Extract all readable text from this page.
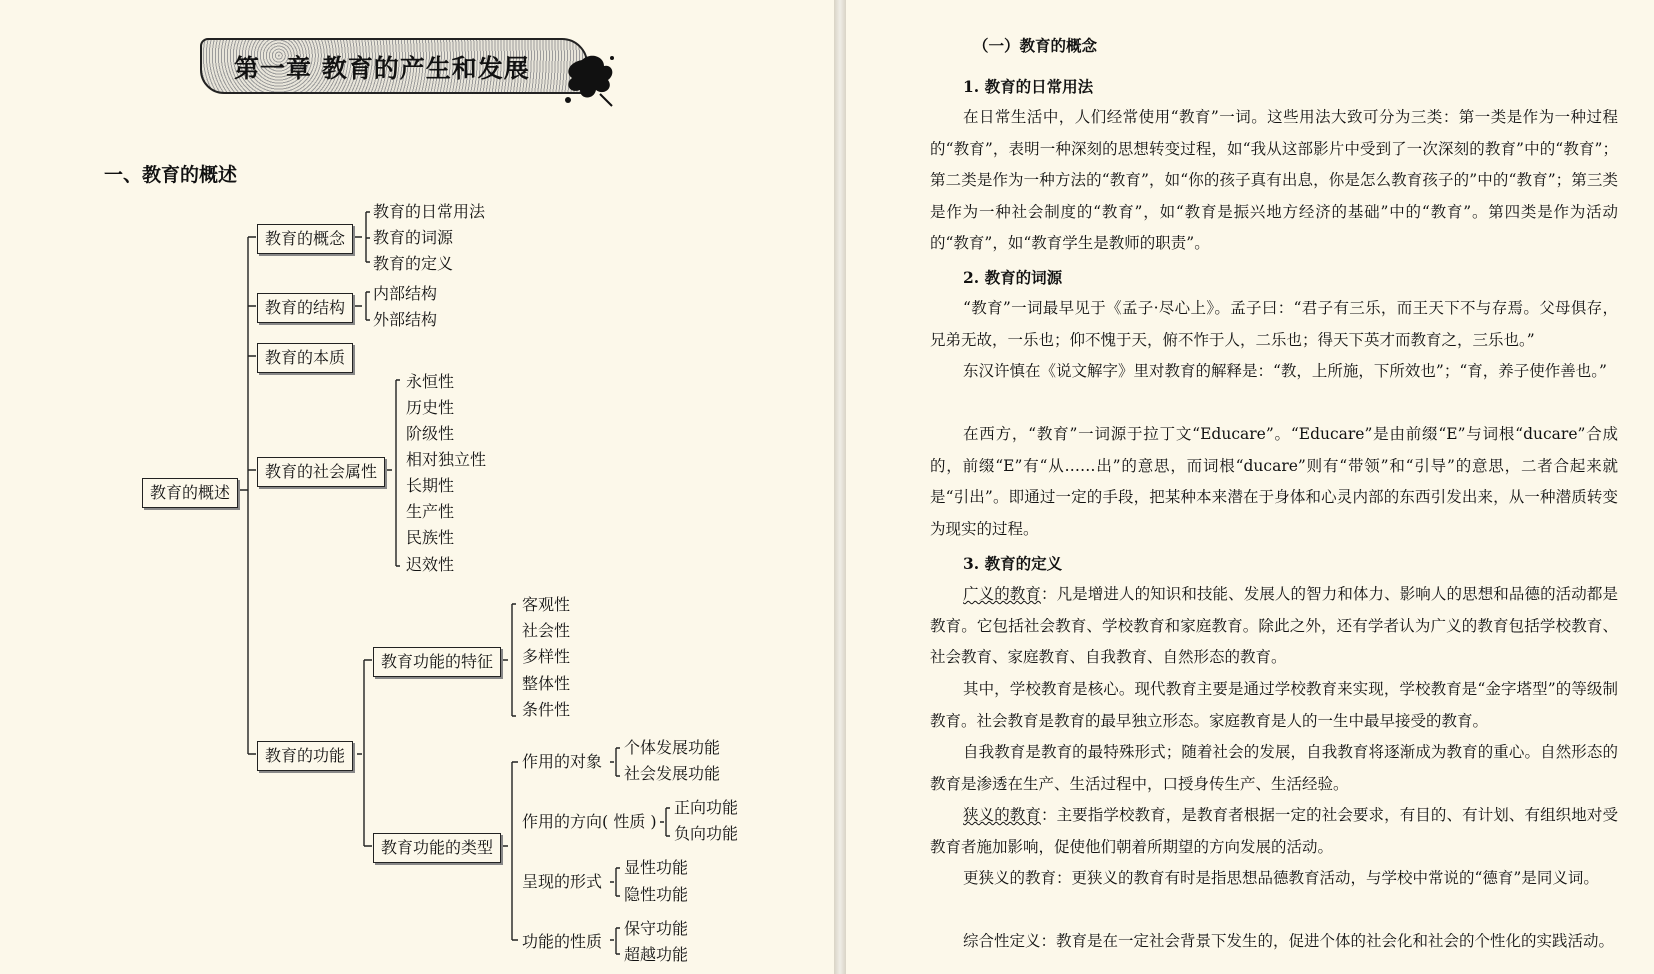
第一章 教育的产生和发展
一、教育的概述
教育的概述
教育的概念
教育的日常用法
教育的词源
教育的定义
教育的结构
内部结构
外部结构
教育的本质
教育的社会属性
永恒性
历史性
阶级性
相对独立性
长期性
生产性
民族性
迟效性
教育的功能
教育功能的特征
客观性
社会性
多样性
整体性
条件性
教育功能的类型
作用的对象
个体发展功能
社会发展功能
作用的方向( 性质 )
正向功能
负向功能
呈现的形式
显性功能
隐性功能
功能的性质
保守功能
超越功能
（一）教育的概念
1. 教育的日常用法
在日常生活中，人们经常使用“教育”一词。这些用法大致可分为三类：第一类是作为一种过程的“教育”，表明一种深刻的思想转变过程，如“我从这部影片中受到了一次深刻的教育”中的“教育”；第二类是作为一种方法的“教育”，如“你的孩子真有出息，你是怎么教育孩子的”中的“教育”；第三类是作为一种社会制度的“教育”，如“教育是振兴地方经济的基础”中的“教育”。第四类是作为活动的“教育”，如“教育学生是教师的职责”。
2. 教育的词源
“教育”一词最早见于《孟子·尽心上》。孟子曰：“君子有三乐，而王天下不与存焉。父母俱存，兄弟无故，一乐也；仰不愧于天，俯不怍于人，二乐也；得天下英才而教育之，三乐也。”
东汉许慎在《说文解字》里对教育的解释是：“教，上所施，下所效也”；“育，养子使作善也。”
在西方，“教育”一词源于拉丁文“Educare”。“Educare”是由前缀“E”与词根“ducare”合成的，前缀“E”有“从……出”的意思，而词根“ducare”则有“带领”和“引导”的意思，二者合起来就是“引出”。即通过一定的手段，把某种本来潜在于身体和心灵内部的东西引发出来，从一种潜质转变为现实的过程。
3. 教育的定义
广义的教育：凡是增进人的知识和技能、发展人的智力和体力、影响人的思想和品德的活动都是教育。它包括社会教育、学校教育和家庭教育。除此之外，还有学者认为广义的教育包括学校教育、社会教育、家庭教育、自我教育、自然形态的教育。
其中，学校教育是核心。现代教育主要是通过学校教育来实现，学校教育是“金字塔型”的等级制教育。社会教育是教育的最早独立形态。家庭教育是人的一生中最早接受的教育。
自我教育是教育的最特殊形式；随着社会的发展，自我教育将逐渐成为教育的重心。自然形态的教育是渗透在生产、生活过程中，口授身传生产、生活经验。
狭义的教育：主要指学校教育，是教育者根据一定的社会要求，有目的、有计划、有组织地对受教育者施加影响，促使他们朝着所期望的方向发展的活动。
更狭义的教育：更狭义的教育有时是指思想品德教育活动，与学校中常说的“德育”是同义词。
综合性定义：教育是在一定社会背景下发生的，促进个体的社会化和社会的个性化的实践活动。
